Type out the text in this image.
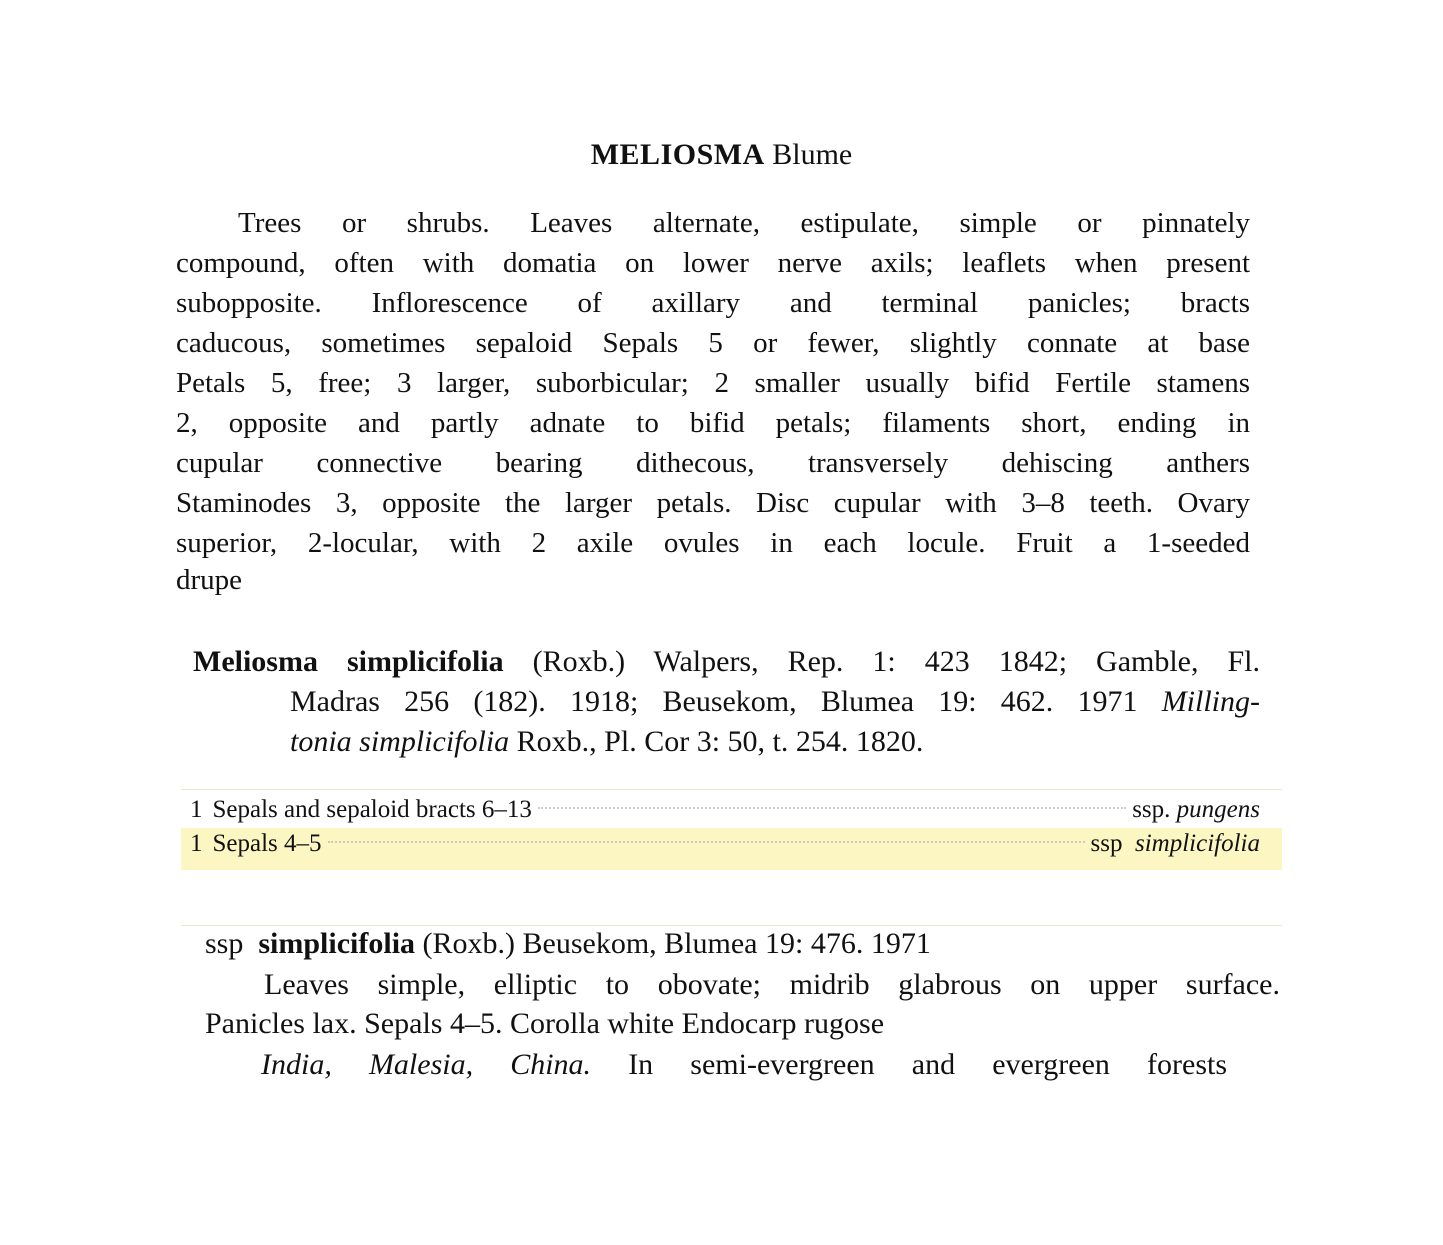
MELIOSMA Blume
Trees or shrubs. Leaves alternate, estipulate, simple or pinnately
compound, often with domatia on lower nerve axils; leaflets when present
subopposite. Inflorescence of axillary and terminal panicles; bracts
caducous, sometimes sepaloid Sepals 5 or fewer, slightly connate at base
Petals 5, free; 3 larger, suborbicular; 2 smaller usually bifid Fertile stamens
2, opposite and partly adnate to bifid petals; filaments short, ending in
cupular connective bearing dithecous, transversely dehiscing anthers
Staminodes 3, opposite the larger petals. Disc cupular with 3–8 teeth. Ovary
superior, 2-locular, with 2 axile ovules in each locule. Fruit a 1-seeded
drupe
Meliosma simplicifolia (Roxb.) Walpers, Rep. 1: 423 1842; Gamble, Fl.
Madras 256 (182). 1918; Beusekom, Blumea 19: 462. 1971 Milling-
tonia simplicifolia Roxb., Pl. Cor 3: 50, t. 254. 1820.
1 Sepals and sepaloid bracts 6–13	ssp. pungens
1 Sepals 4–5	ssp simplicifolia
ssp simplicifolia (Roxb.) Beusekom, Blumea 19: 476. 1971
Leaves simple, elliptic to obovate; midrib glabrous on upper surface.
Panicles lax. Sepals 4–5. Corolla white Endocarp rugose
India, Malesia, China. In semi-evergreen and evergreen forests
